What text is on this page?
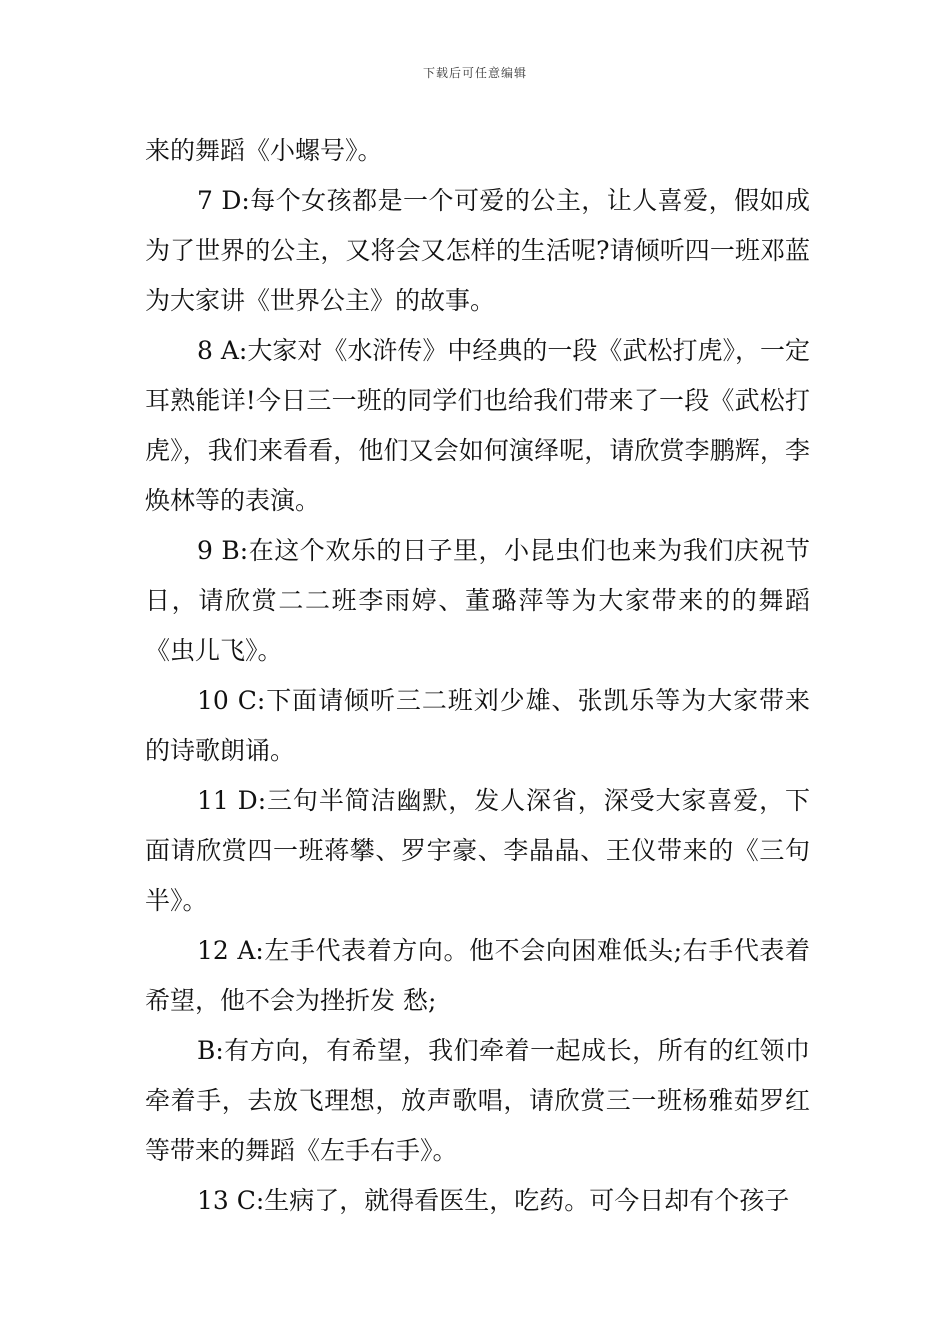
下载后可任意编辑

来的舞蹈《小螺号》。

7 D:每个女孩都是一个可爱的公主，让人喜爱，假如成为了世界的公主，又将会又怎样的生活呢?请倾听四一班邓蓝为大家讲《世界公主》的故事。

8 A:大家对《水浒传》中经典的一段《武松打虎》，一定耳熟能详!今日三一班的同学们也给我们带来了一段《武松打虎》，我们来看看，他们又会如何演绎呢，请欣赏李鹏辉，李焕林等的表演。

9 B:在这个欢乐的日子里，小昆虫们也来为我们庆祝节日，请欣赏二二班李雨婷、董璐萍等为大家带来的的舞蹈《虫儿飞》。

10 C:下面请倾听三二班刘少雄、张凯乐等为大家带来的诗歌朗诵。

11 D:三句半简洁幽默，发人深省，深受大家喜爱，下面请欣赏四一班蒋攀、罗宇豪、李晶晶、王仪带来的《三句半》。

12 A:左手代表着方向。他不会向困难低头;右手代表着希望，他不会为挫折发 愁;

B:有方向，有希望，我们牵着一起成长，所有的红领巾牵着手，去放飞理想，放声歌唱，请欣赏三一班杨雅茹罗红等带来的舞蹈《左手右手》。

13 C:生病了，就得看医生，吃药。可今日却有个孩子
